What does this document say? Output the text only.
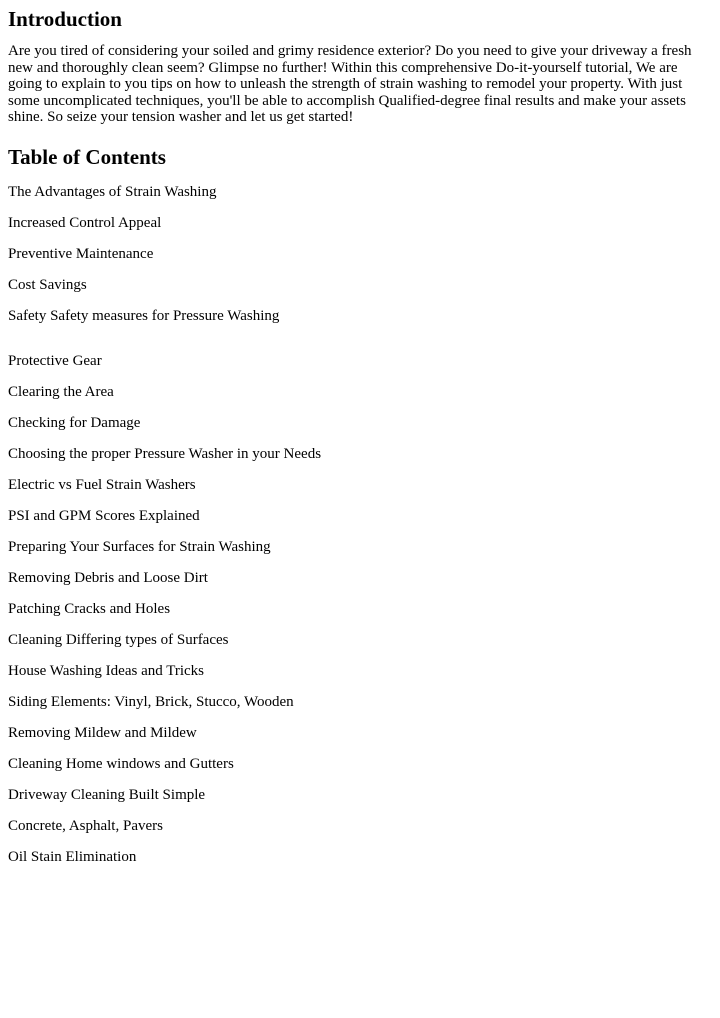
Introduction

Are you tired of considering your soiled and grimy residence exterior? Do you need to give your driveway a fresh new and thoroughly clean seem? Glimpse no further! Within this comprehensive Do-it-yourself tutorial, We are going to explain to you tips on how to unleash the strength of strain washing to remodel your property. With just some uncomplicated techniques, you'll be able to accomplish Qualified-degree final results and make your assets shine. So seize your tension washer and let us get started!

Table of Contents
The Advantages of Strain Washing
Increased Control Appeal
Preventive Maintenance
Cost Savings
Safety Safety measures for Pressure Washing
Protective Gear
Clearing the Area
Checking for Damage
Choosing the proper Pressure Washer in your Needs
Electric vs Fuel Strain Washers
PSI and GPM Scores Explained
Preparing Your Surfaces for Strain Washing
Removing Debris and Loose Dirt
Patching Cracks and Holes
Cleaning Differing types of Surfaces
House Washing Ideas and Tricks
Siding Elements: Vinyl, Brick, Stucco, Wooden
Removing Mildew and Mildew
Cleaning Home windows and Gutters
Driveway Cleaning Built Simple
Concrete, Asphalt, Pavers
Oil Stain Elimination
